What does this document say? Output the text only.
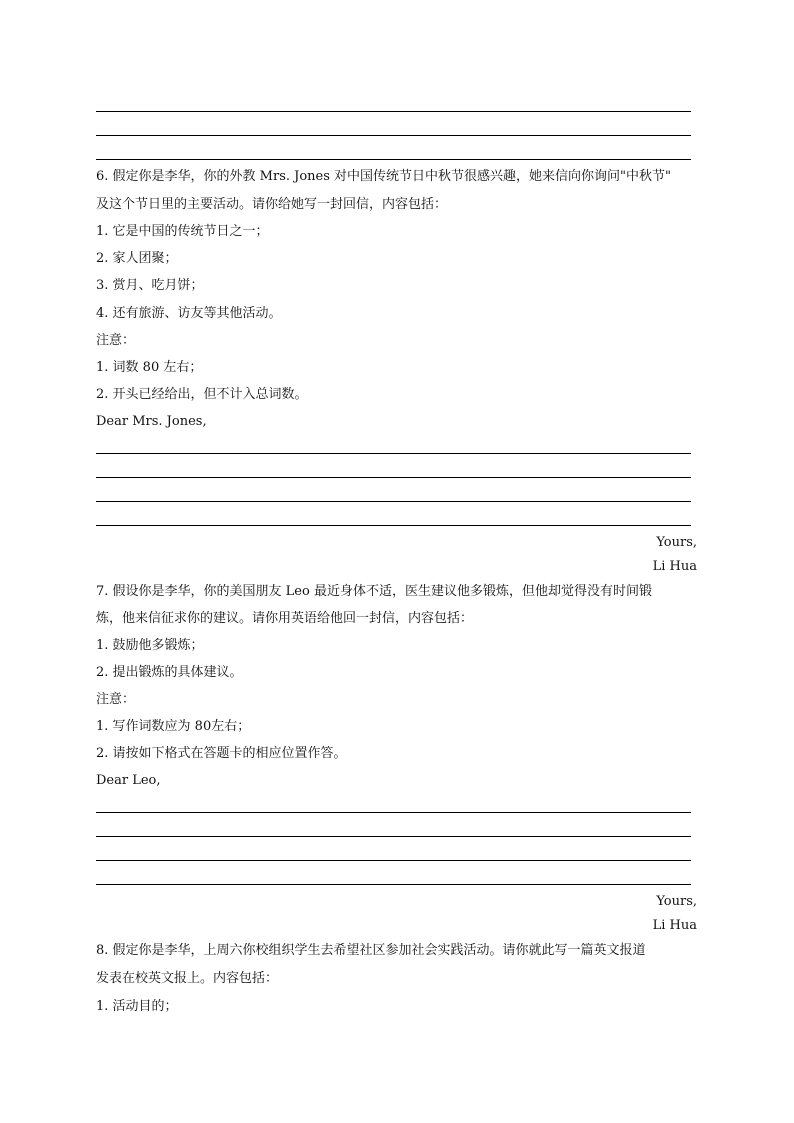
6. 假定你是李华，你的外教 Mrs. Jones 对中国传统节日中秋节很感兴趣，她来信向你询问"中秋节"
及这个节日里的主要活动。请你给她写一封回信，内容包括：
1. 它是中国的传统节日之一；
2. 家人团聚；
3. 赏月、吃月饼；
4. 还有旅游、访友等其他活动。
注意：
1. 词数 80 左右；
2. 开头已经给出，但不计入总词数。
Dear Mrs. Jones,
Yours,
Li Hua
7. 假设你是李华，你的美国朋友 Leo 最近身体不适，医生建议他多锻炼，但他却觉得没有时间锻
炼，他来信征求你的建议。请你用英语给他回一封信，内容包括：
1. 鼓励他多锻炼；
2. 提出锻炼的具体建议。
注意：
1. 写作词数应为 80左右；
2. 请按如下格式在答题卡的相应位置作答。
Dear Leo,
Yours,
Li Hua
8. 假定你是李华，上周六你校组织学生去希望社区参加社会实践活动。请你就此写一篇英文报道
发表在校英文报上。内容包括：
1. 活动目的；
